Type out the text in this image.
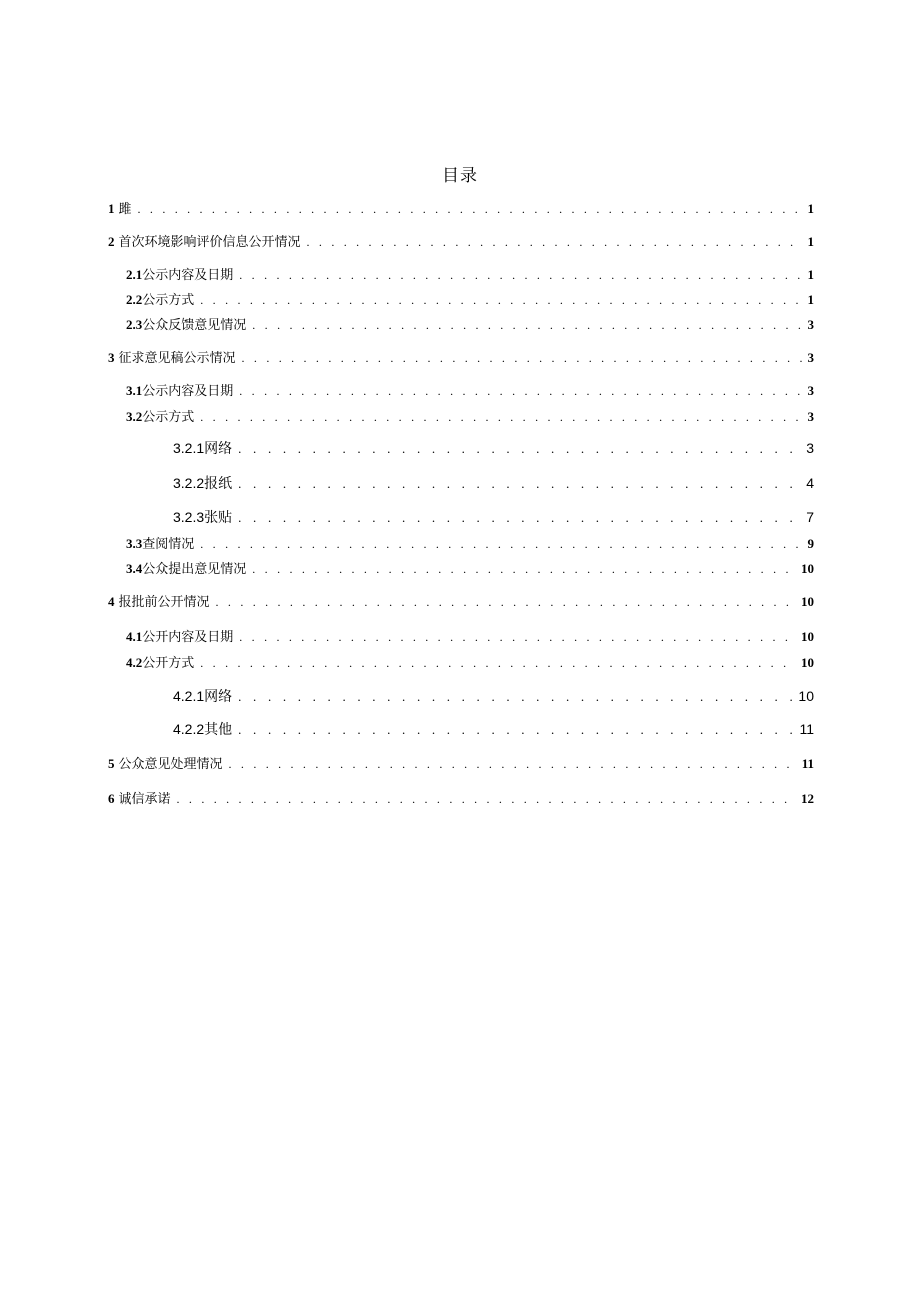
目录
1 雎 . . .	1
2 首次环境影响评价信息公开情况 . . .	1
2.1 公示内容及日期 . . .	1
2.2 公示方式 . . .	1
2.3 公众反馈意见情况 . . .	3
3 征求意见稿公示情况 . . .	3
3.1 公示内容及日期 . . .	3
3.2 公示方式 . . .	3
3.2.1 网络 . . .	3
3.2.2 报纸 . . .	4
3.2.3 张贴 . . .	7
3.3 查阅情况 . . .	9
3.4 公众提出意见情况 . . .	10
4 报批前公开情况 . . .	10
4.1 公开内容及日期 . . .	10
4.2 公开方式 . . .	10
4.2.1 网络 . . .	10
4.2.2 其他 . . .	11
5 公众意见处理情况 . . .	11
6 诚信承诺 . . .	12
